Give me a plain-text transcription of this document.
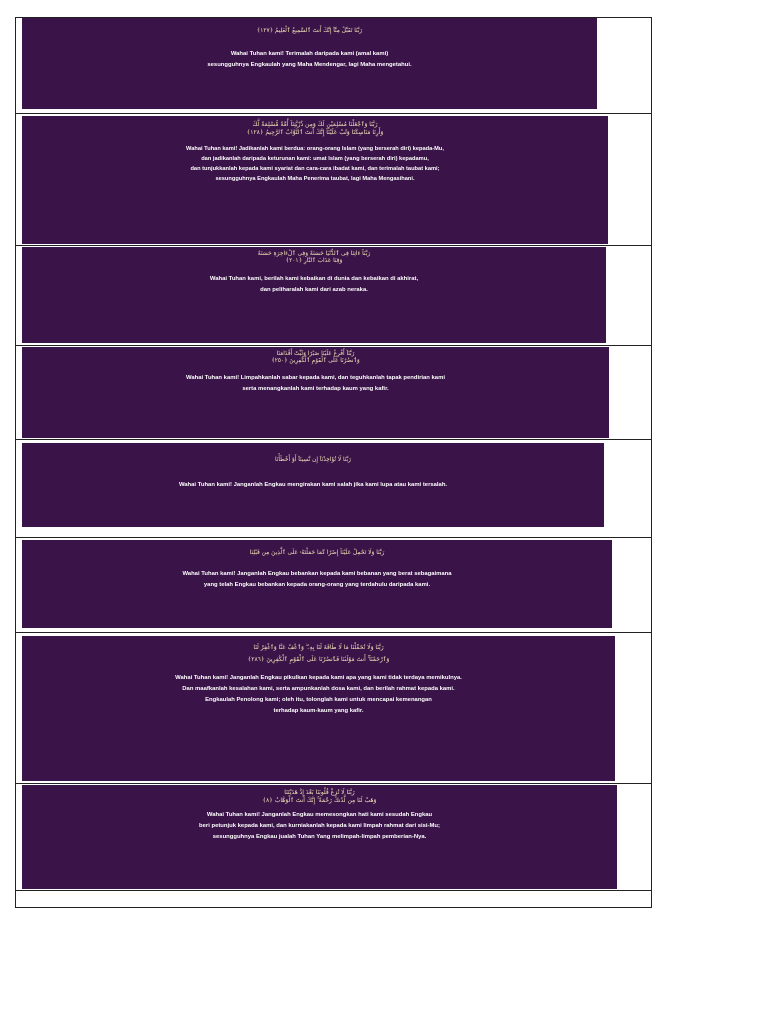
رَبَّنَا تَقَبَّلْ مِنَّآ إِنَّكَ أَنتَ ٱلسَّمِيعُ ٱلْعَلِيمُ ﴿١٢٧﴾
Wahai Tuhan kami! Terimalah daripada kami (amal kami)
sesungguhnya Engkaulah yang Maha Mendengar, lagi Maha mengetahui.
رَبَّنَا وَٱجْعَلْنَا مُسْلِمَيْنِ لَكَ وَمِن ذُرِّيَّتِنَآ أُمَّةً مُّسْلِمَةً لَّكَ
وَأَرِنَا مَنَاسِكَنَا وَتُبْ عَلَيْنَآ إِنَّكَ أَنتَ ٱلتَّوَّابُ ٱلرَّحِيمُ ﴿١٢٨﴾
Wahai Tuhan kami! Jadikanlah kami berdua: orang-orang Islam (yang berserah diri) kepada-Mu,
dan jadikanlah daripada keturunan kami: umat Islam (yang berserah diri) kepadamu,
dan tunjukkanlah kepada kami syariat dan cara-cara ibadat kami, dan terimalah taubat kami;
sesungguhnya Engkaulah Maha Penerima taubat, lagi Maha Mengasihani.
رَبَّنَآ ءَاتِنَا فِى ٱلدُّنْيَا حَسَنَةً وَفِى ٱلْءَاخِرَةِ حَسَنَةً
وَقِنَا عَذَابَ ٱلنَّارِ ﴿٢٠١﴾
Wahai Tuhan kami, berilah kami kebaikan di dunia dan kebaikan di akhirat,
dan peliharalah kami dari azab neraka.
رَبَّنَآ أَفْرِغْ عَلَيْنَا صَبْرًا وَثَبِّتْ أَقْدَامَنَا
وَٱنصُرْنَا عَلَى ٱلْقَوْمِ ٱلْكَٰفِرِينَ ﴿٢٥٠﴾
Wahai Tuhan kami! Limpahkanlah sabar kepada kami, dan teguhkanlah tapak pendirian kami
serta menangkanlah kami terhadap kaum yang kafir.
رَبَّنَا لَا تُؤَاخِذْنَآ إِن نَّسِينَآ أَوْ أَخْطَأْنَا
Wahai Tuhan kami! Janganlah Engkau mengirakan kami salah jika kami lupa atau kami tersalah.
رَبَّنَا وَلَا تَحْمِلْ عَلَيْنَآ إِصْرًا كَمَا حَمَلْتَهُۥ عَلَى ٱلَّذِينَ مِن قَبْلِنَا
Wahai Tuhan kami! Janganlah Engkau bebankan kepada kami bebanan yang berat sebagaimana
yang telah Engkau bebankan kepada orang-orang yang terdahulu daripada kami.
رَبَّنَا وَلَا تُحَمِّلْنَا مَا لَا طَاقَةَ لَنَا بِهِۦ ۖ وَٱعْفُ عَنَّا وَٱغْفِرْ لَنَا
وَٱرْحَمْنَآ ۚ أَنتَ مَوْلَىٰنَا فَٱنصُرْنَا عَلَى ٱلْقَوْمِ ٱلْكَٰفِرِينَ ﴿٢٨٦﴾
Wahai Tuhan kami! Janganlah Engkau pikulkan kepada kami apa yang kami tidak terdaya memikulnya.
Dan maafkanlah kesalahan kami, serta ampunkanlah dosa kami, dan berilah rahmat kepada kami.
Engkaulah Penolong kami; oleh itu, tolonglah kami untuk mencapai kemenangan
terhadap kaum-kaum yang kafir.
رَبَّنَا لَا تُزِغْ قُلُوبَنَا بَعْدَ إِذْ هَدَيْتَنَا
وَهَبْ لَنَا مِن لَّدُنكَ رَحْمَةً ۚ إِنَّكَ أَنتَ ٱلْوَهَّابُ ﴿٨﴾
Wahai Tuhan kami! Janganlah Engkau memesongkan hati kami sesudah Engkau
beri petunjuk kepada kami, dan kurniakanlah kepada kami limpah rahmat dari sisi-Mu;
sesungguhnya Engkau jualah Tuhan Yang melimpah-limpah pemberian-Nya.
